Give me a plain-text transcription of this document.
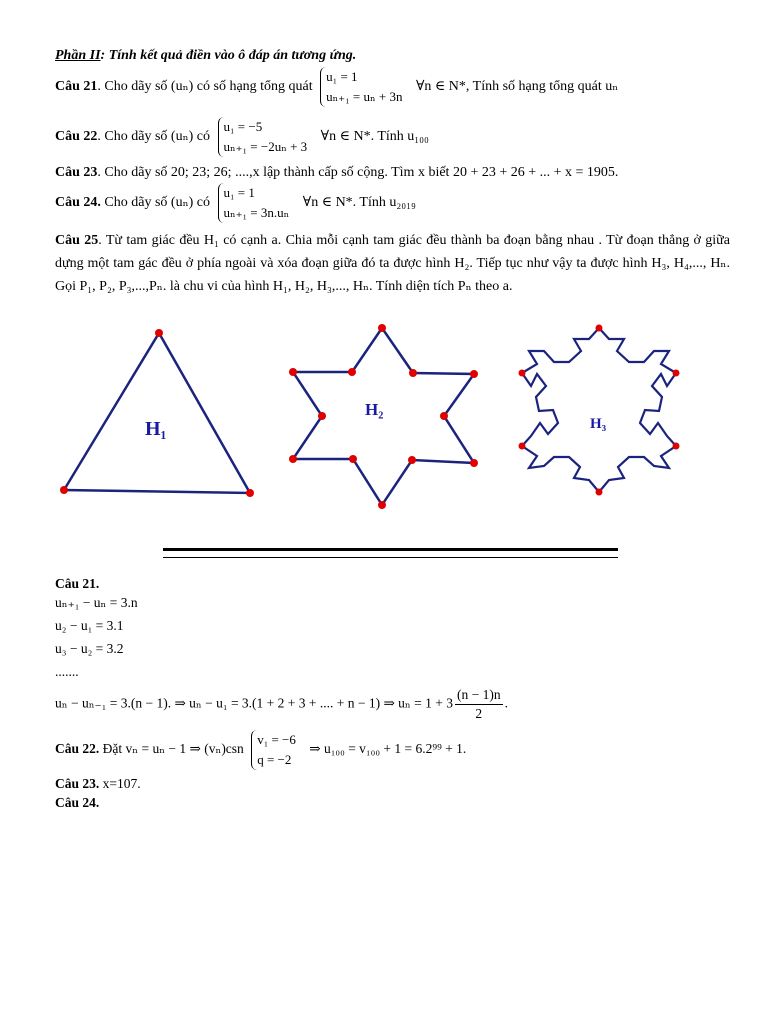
Phần II: Tính kết quả điền vào ô đáp án tương ứng.
Câu 21. Cho dãy số (uₙ) có số hạng tổng quát
u₁ = 1
uₙ₊₁ = uₙ + 3n
∀n ∈ N*, Tính số hạng tổng quát uₙ
Câu 22. Cho dãy số (uₙ) có
u₁ = −5
uₙ₊₁ = −2uₙ + 3
∀n ∈ N*. Tính u₁₀₀
Câu 23. Cho dãy số 20; 23; 26; ....,x lập thành cấp số cộng. Tìm x biết 20 + 23 + 26 + ... + x = 1905.
Câu 24. Cho dãy số (uₙ) có
u₁ = 1
uₙ₊₁ = 3n.uₙ
∀n ∈ N*. Tính u₂₀₁₉
Câu 25. Từ tam giác đều H₁ có cạnh a. Chia mỗi cạnh tam giác đều thành ba đoạn bằng nhau . Từ đoạn thẳng ở giữa dựng một tam gác đều ở phía ngoài và xóa đoạn giữa đó ta được hình H₂. Tiếp tục như vậy ta được hình H₃, H₄,..., Hₙ. Gọi P₁, P₂, P₃,...,Pₙ. là chu vi của hình H₁, H₂, H₃,..., Hₙ. Tính diện tích Pₙ theo a.
H₁
H₂
H₃
Câu 21.
uₙ₊₁ − uₙ = 3.n
u₂ − u₁ = 3.1
u₃ − u₂ = 3.2
.......
uₙ − uₙ₋₁ = 3.(n − 1). ⇒ uₙ − u₁ = 3.(1 + 2 + 3 + .... + n − 1) ⇒ $u_n = 1 + 3 \frac{(n - 1)n}{2}$ .
Câu 22. Đặt vₙ = uₙ − 1 ⇒ (vₙ)csn
v₁ = −6
q = −2
⇒ u₁₀₀ = v₁₀₀ + 1 = 6.2⁹⁹ + 1.
Câu 23. x=107.
Câu 24.
